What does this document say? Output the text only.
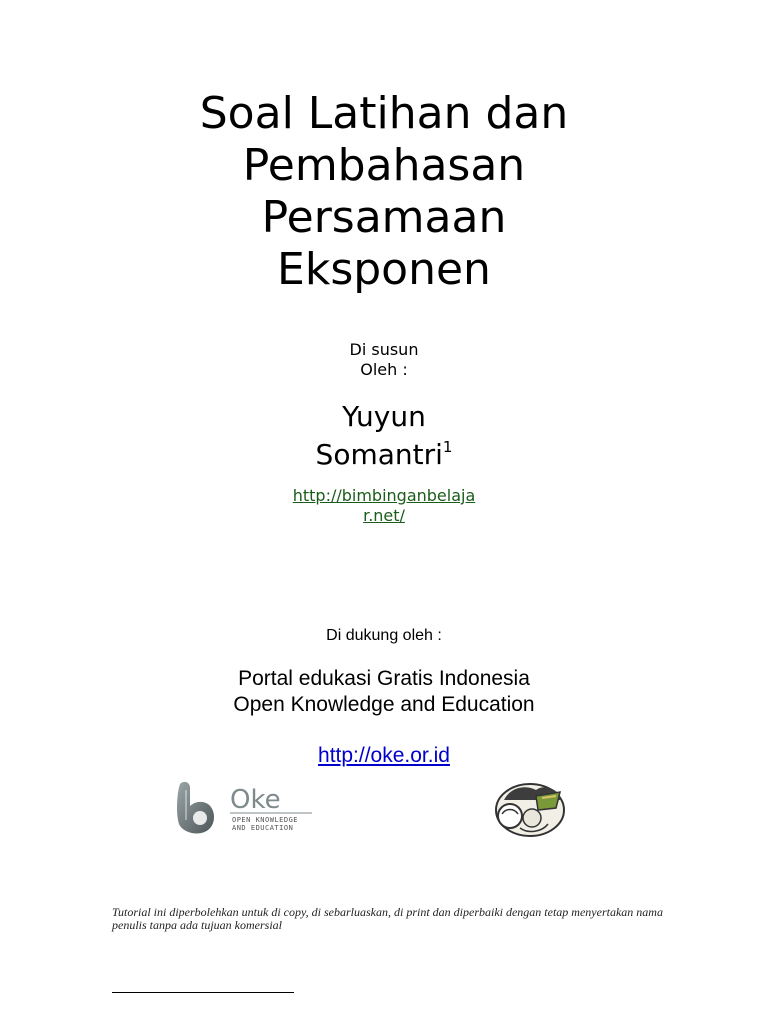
Soal Latihan dan
Pembahasan
Persamaan
Eksponen
Di susun
Oleh :
Yuyun
Somantri$^1$
http://bimbinganbelaja
r.net/
Di dukung oleh :
Portal edukasi Gratis Indonesia
Open Knowledge and Education
http://oke.or.id
Oke
OPEN KNOWLEDGE
AND EDUCATION
Tutorial ini diperbolehkan untuk di copy, di sebarluaskan, di print dan diperbaiki dengan tetap menyertakan nama penulis tanpa ada tujuan komersial
